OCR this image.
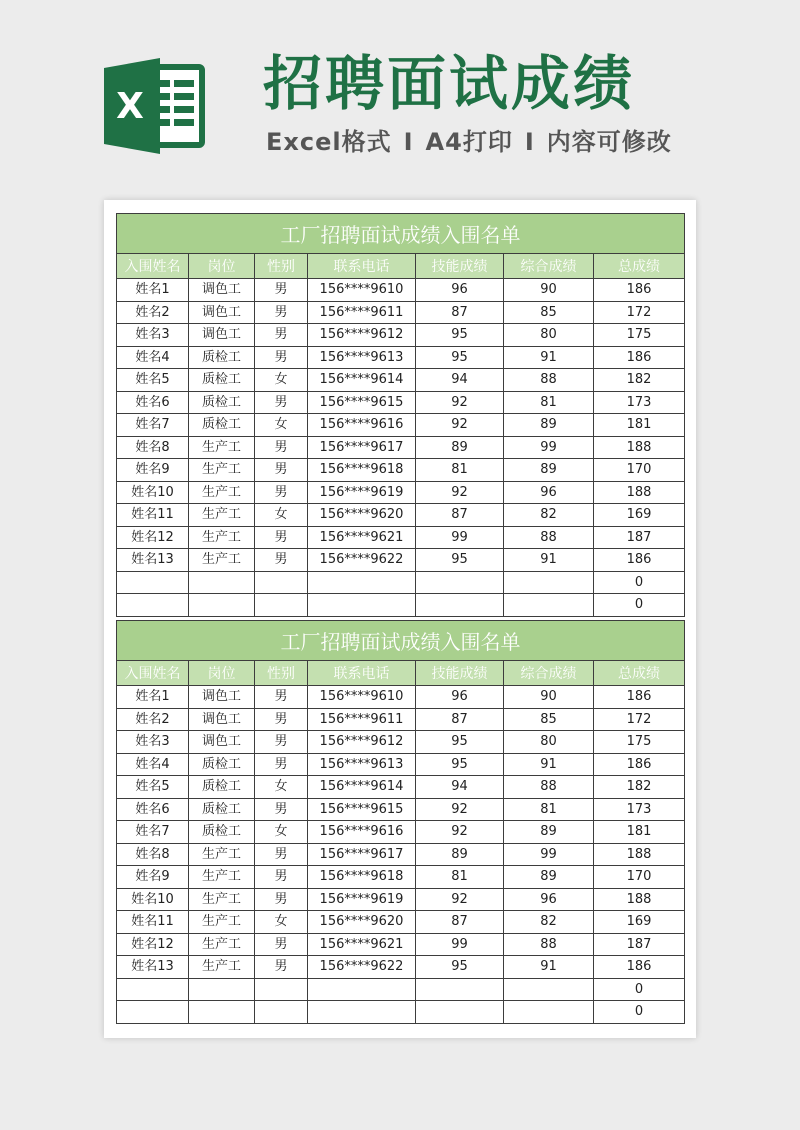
X 招聘面试成绩
Excel格式 I A4打印 I 内容可修改
工厂招聘面试成绩入围名单						
入围姓名	岗位	性别	联系电话	技能成绩	综合成绩	总成绩
姓名1	调色工	男	156****9610	96	90	186
姓名2	调色工	男	156****9611	87	85	172
姓名3	调色工	男	156****9612	95	80	175
姓名4	质检工	男	156****9613	95	91	186
姓名5	质检工	女	156****9614	94	88	182
姓名6	质检工	男	156****9615	92	81	173
姓名7	质检工	女	156****9616	92	89	181
姓名8	生产工	男	156****9617	89	99	188
姓名9	生产工	男	156****9618	81	89	170
姓名10	生产工	男	156****9619	92	96	188
姓名11	生产工	女	156****9620	87	82	169
姓名12	生产工	男	156****9621	99	88	187
姓名13	生产工	男	156****9622	95	91	186
						0
						0
工厂招聘面试成绩入围名单						
入围姓名	岗位	性别	联系电话	技能成绩	综合成绩	总成绩
姓名1	调色工	男	156****9610	96	90	186
姓名2	调色工	男	156****9611	87	85	172
姓名3	调色工	男	156****9612	95	80	175
姓名4	质检工	男	156****9613	95	91	186
姓名5	质检工	女	156****9614	94	88	182
姓名6	质检工	男	156****9615	92	81	173
姓名7	质检工	女	156****9616	92	89	181
姓名8	生产工	男	156****9617	89	99	188
姓名9	生产工	男	156****9618	81	89	170
姓名10	生产工	男	156****9619	92	96	188
姓名11	生产工	女	156****9620	87	82	169
姓名12	生产工	男	156****9621	99	88	187
姓名13	生产工	男	156****9622	95	91	186
						0
						0
